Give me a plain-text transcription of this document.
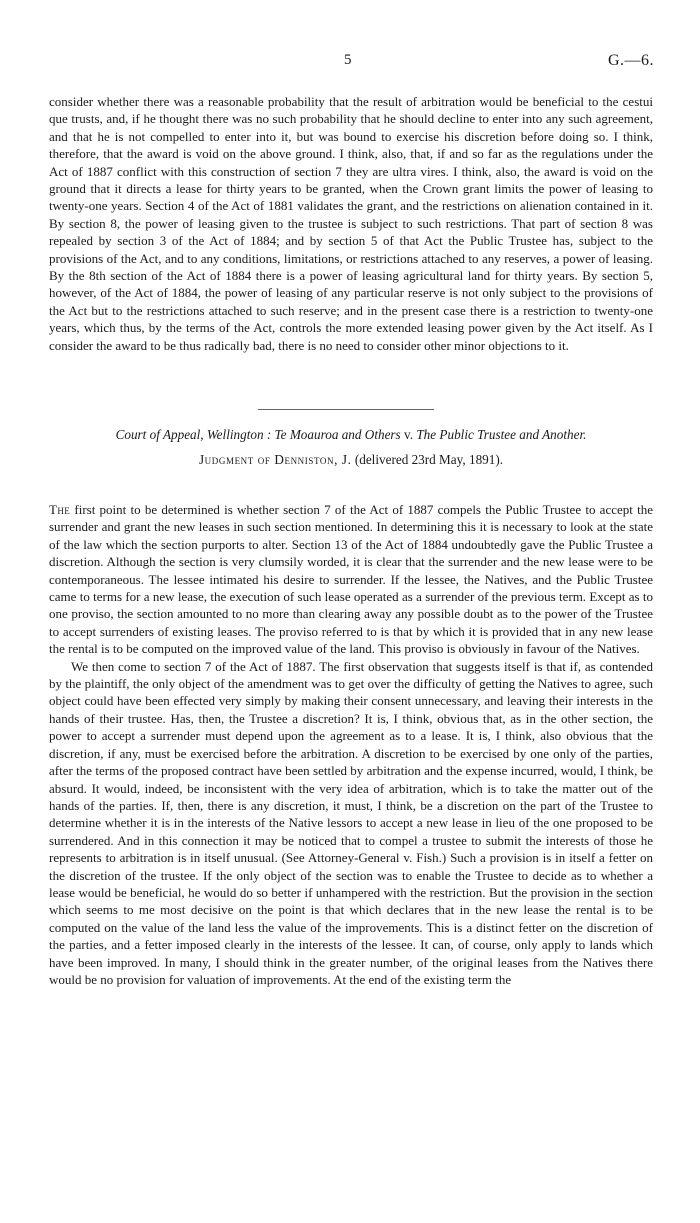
5	G.—6.

consider whether there was a reasonable probability that the result of arbitration would be beneficial to the cestui que trusts, and, if he thought there was no such probability that he should decline to enter into any such agreement, and that he is not compelled to enter into it, but was bound to exercise his discretion before doing so. I think, therefore, that the award is void on the above ground. I think, also, that, if and so far as the regulations under the Act of 1887 conflict with this construction of section 7 they are ultra vires. I think, also, the award is void on the ground that it directs a lease for thirty years to be granted, when the Crown grant limits the power of leasing to twenty-one years. Section 4 of the Act of 1881 validates the grant, and the restrictions on alienation contained in it. By section 8, the power of leasing given to the trustee is subject to such restrictions. That part of section 8 was repealed by section 3 of the Act of 1884; and by section 5 of that Act the Public Trustee has, subject to the provisions of the Act, and to any conditions, limitations, or restrictions attached to any reserves, a power of leasing. By the 8th section of the Act of 1884 there is a power of leasing agricultural land for thirty years. By section 5, however, of the Act of 1884, the power of leasing of any particular reserve is not only subject to the provisions of the Act but to the restrictions attached to such reserve; and in the present case there is a restriction to twenty-one years, which thus, by the terms of the Act, controls the more extended leasing power given by the Act itself. As I consider the award to be thus radically bad, there is no need to consider other minor objections to it.

Court of Appeal, Wellington : Te Moauroa and Others v. The Public Trustee and Another.
Judgment of Denniston, J. (delivered 23rd May, 1891).

The first point to be determined is whether section 7 of the Act of 1887 compels the Public Trustee to accept the surrender and grant the new leases in such section mentioned. In determining this it is necessary to look at the state of the law which the section purports to alter. Section 13 of the Act of 1884 undoubtedly gave the Public Trustee a discretion. Although the section is very clumsily worded, it is clear that the surrender and the new lease were to be contemporaneous. The lessee intimated his desire to surrender. If the lessee, the Natives, and the Public Trustee came to terms for a new lease, the execution of such lease operated as a surrender of the previous term. Except as to one proviso, the section amounted to no more than clearing away any possible doubt as to the power of the Trustee to accept surrenders of existing leases. The proviso referred to is that by which it is provided that in any new lease the rental is to be computed on the improved value of the land. This proviso is obviously in favour of the Natives.

We then come to section 7 of the Act of 1887. The first observation that suggests itself is that if, as contended by the plaintiff, the only object of the amendment was to get over the difficulty of getting the Natives to agree, such object could have been effected very simply by making their consent unnecessary, and leaving their interests in the hands of their trustee. Has, then, the Trustee a discretion? It is, I think, obvious that, as in the other section, the power to accept a surrender must depend upon the agreement as to a lease. It is, I think, also obvious that the discretion, if any, must be exercised before the arbitration. A discretion to be exercised by one only of the parties, after the terms of the proposed contract have been settled by arbitration and the expense incurred, would, I think, be absurd. It would, indeed, be inconsistent with the very idea of arbitration, which is to take the matter out of the hands of the parties. If, then, there is any discretion, it must, I think, be a discretion on the part of the Trustee to determine whether it is in the interests of the Native lessors to accept a new lease in lieu of the one proposed to be surrendered. And in this connection it may be noticed that to compel a trustee to submit the interests of those he represents to arbitration is in itself unusual. (See Attorney-General v. Fish.) Such a provision is in itself a fetter on the discretion of the trustee. If the only object of the section was to enable the Trustee to decide as to whether a lease would be beneficial, he would do so better if unhampered with the restriction. But the provision in the section which seems to me most decisive on the point is that which declares that in the new lease the rental is to be computed on the value of the land less the value of the improvements. This is a distinct fetter on the discretion of the parties, and a fetter imposed clearly in the interests of the lessee. It can, of course, only apply to lands which have been improved. In many, I should think in the greater number, of the original leases from the Natives there would be no provision for valuation of improvements. At the end of the existing term the
